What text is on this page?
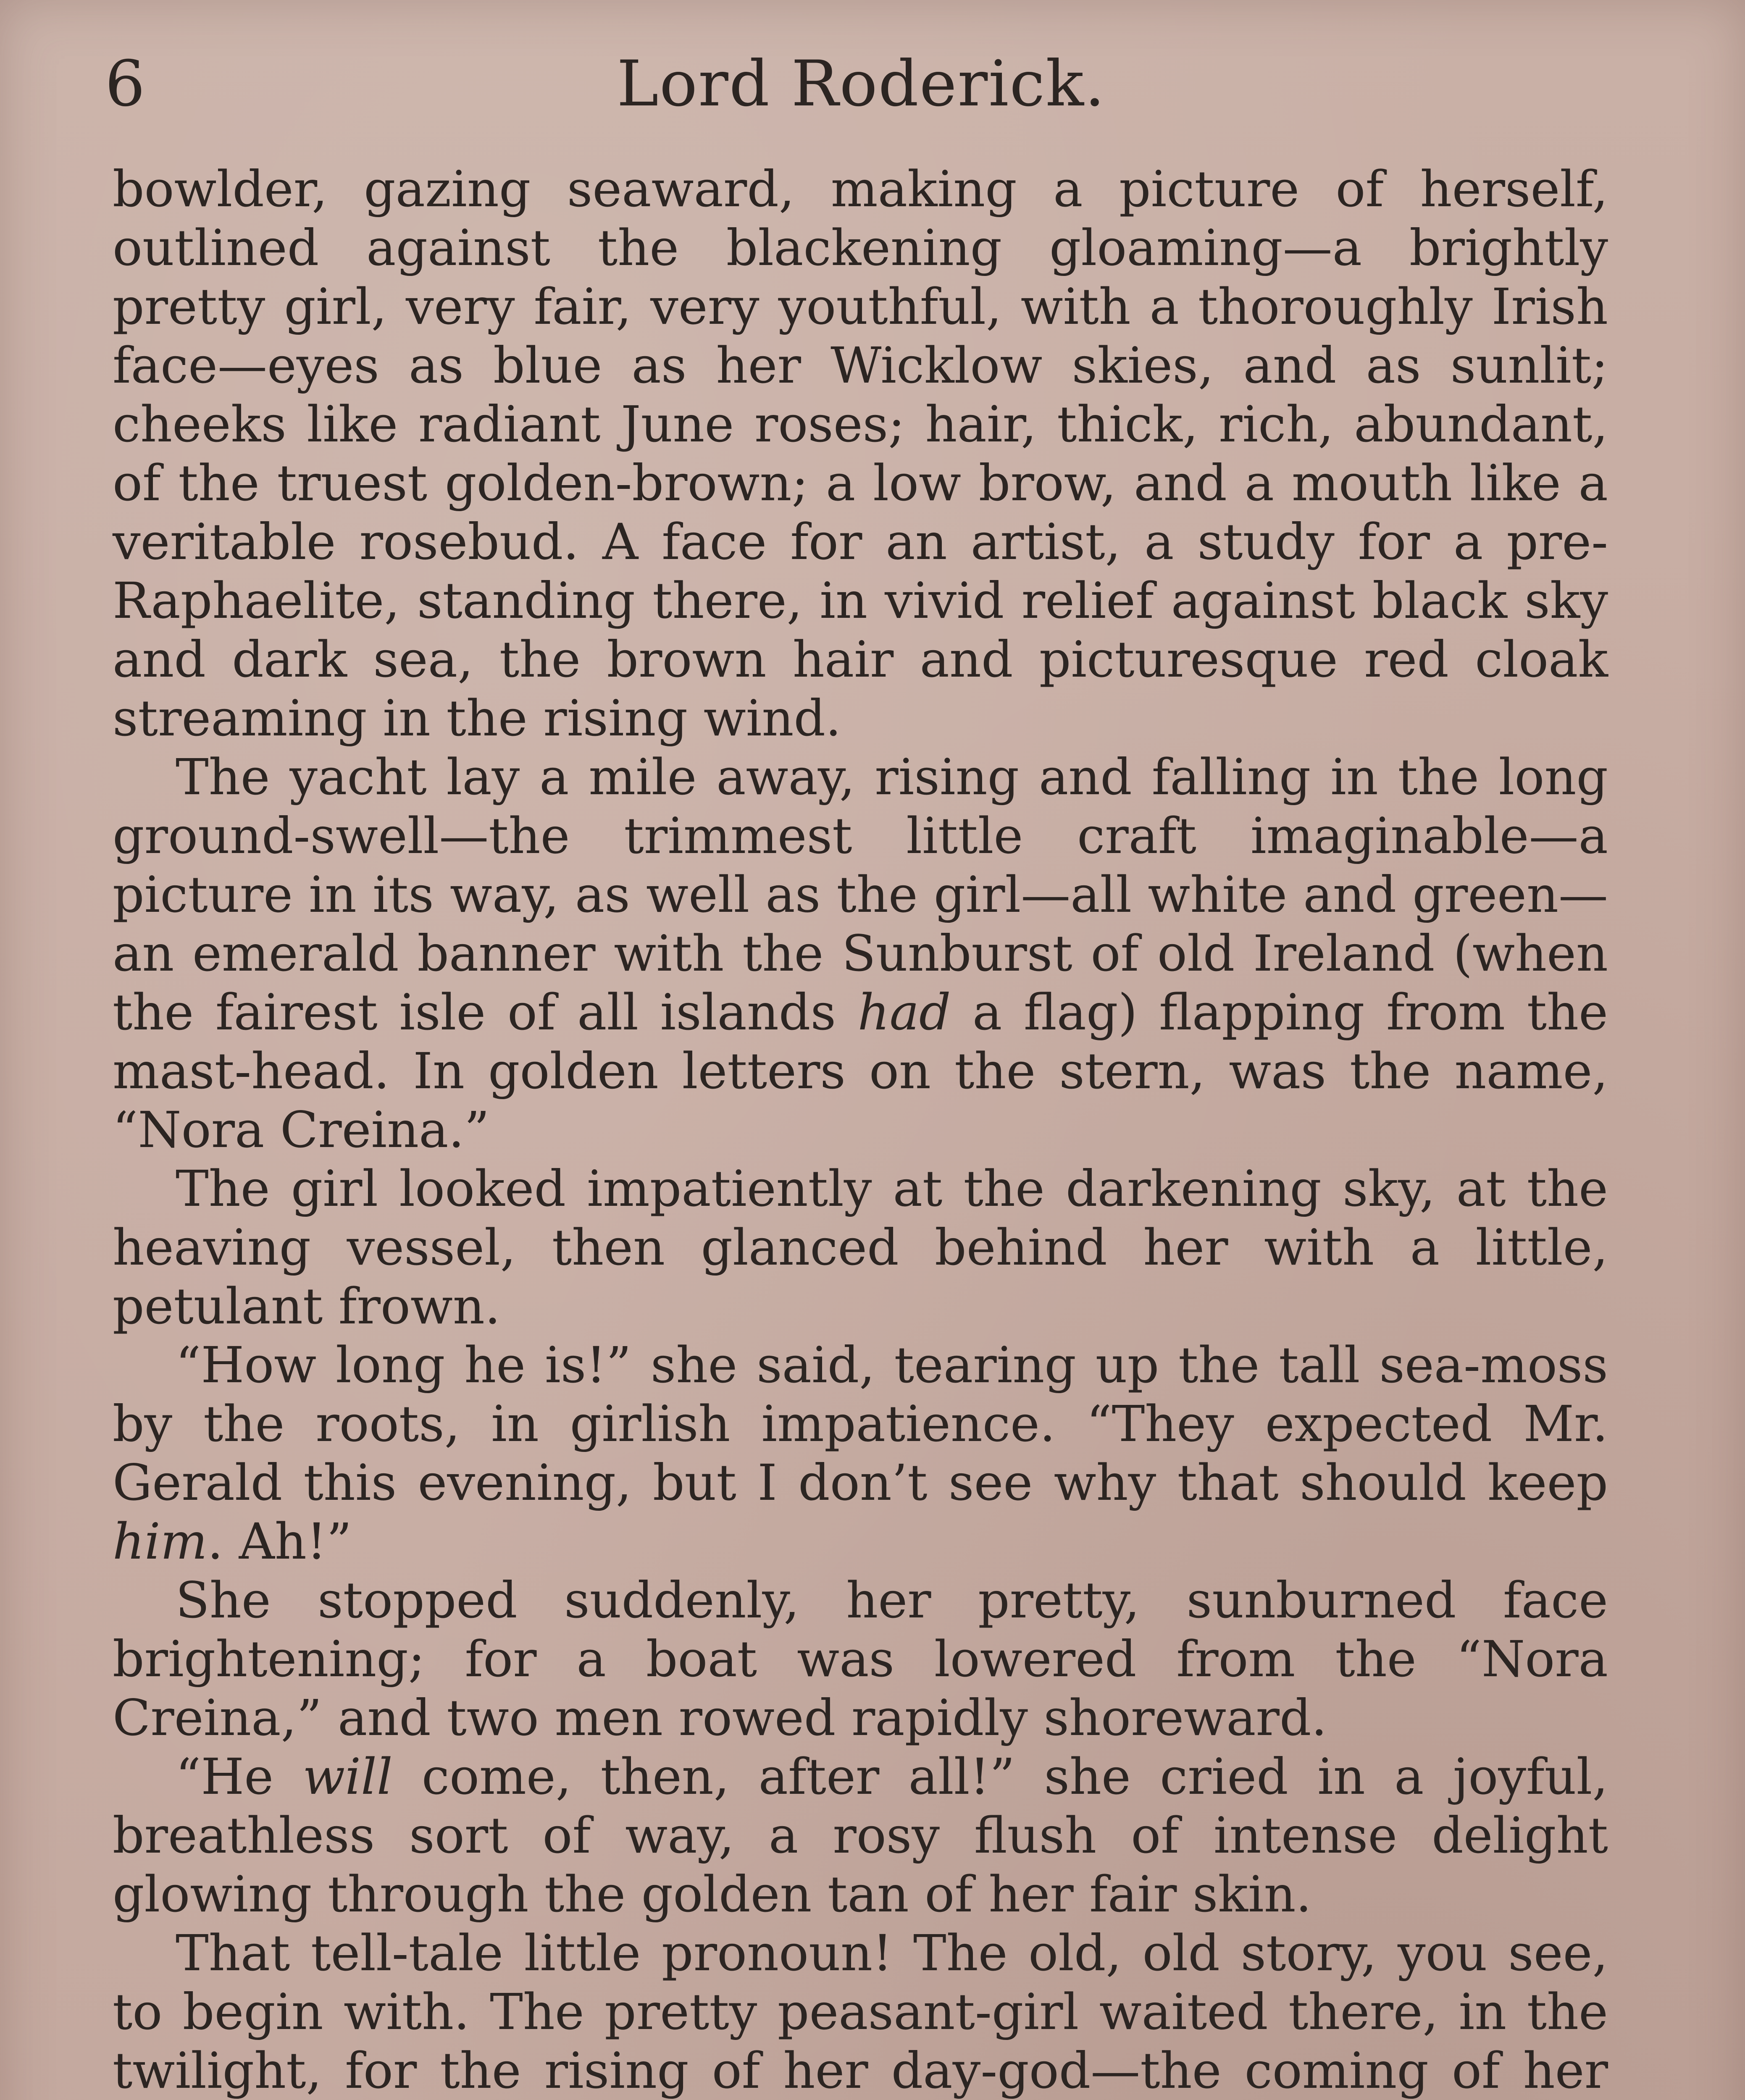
6	Lord Roderick.

bowlder, gazing seaward, making a picture of herself, outlined against the blackening gloaming—a brightly pretty girl, very fair, very youthful, with a thoroughly Irish face—eyes as blue as her Wicklow skies, and as sunlit; cheeks like radiant June roses; hair, thick, rich, abundant, of the truest golden-brown; a low brow, and a mouth like a veritable rosebud. A face for an artist, a study for a pre-Raphaelite, standing there, in vivid relief against black sky and dark sea, the brown hair and picturesque red cloak streaming in the rising wind.

The yacht lay a mile away, rising and falling in the long ground-swell—the trimmest little craft imaginable—a picture in its way, as well as the girl—all white and green—an emerald banner with the Sunburst of old Ireland (when the fairest isle of all islands had a flag) flapping from the mast-head. In golden letters on the stern, was the name, “Nora Creina.”

The girl looked impatiently at the darkening sky, at the heaving vessel, then glanced behind her with a little, petulant frown.

“How long he is!” she said, tearing up the tall sea-moss by the roots, in girlish impatience. “They expected Mr. Gerald this evening, but I don’t see why that should keep him. Ah!”

She stopped suddenly, her pretty, sunburned face brightening; for a boat was lowered from the “Nora Creina,” and two men rowed rapidly shoreward.

“He will come, then, after all!” she cried in a joyful, breathless sort of way, a rosy flush of intense delight glowing through the golden tan of her fair skin.

That tell-tale little pronoun! The old, old story, you see, to begin with. The pretty peasant-girl waited there, in the twilight, for the rising of her day-god—the coming of her
